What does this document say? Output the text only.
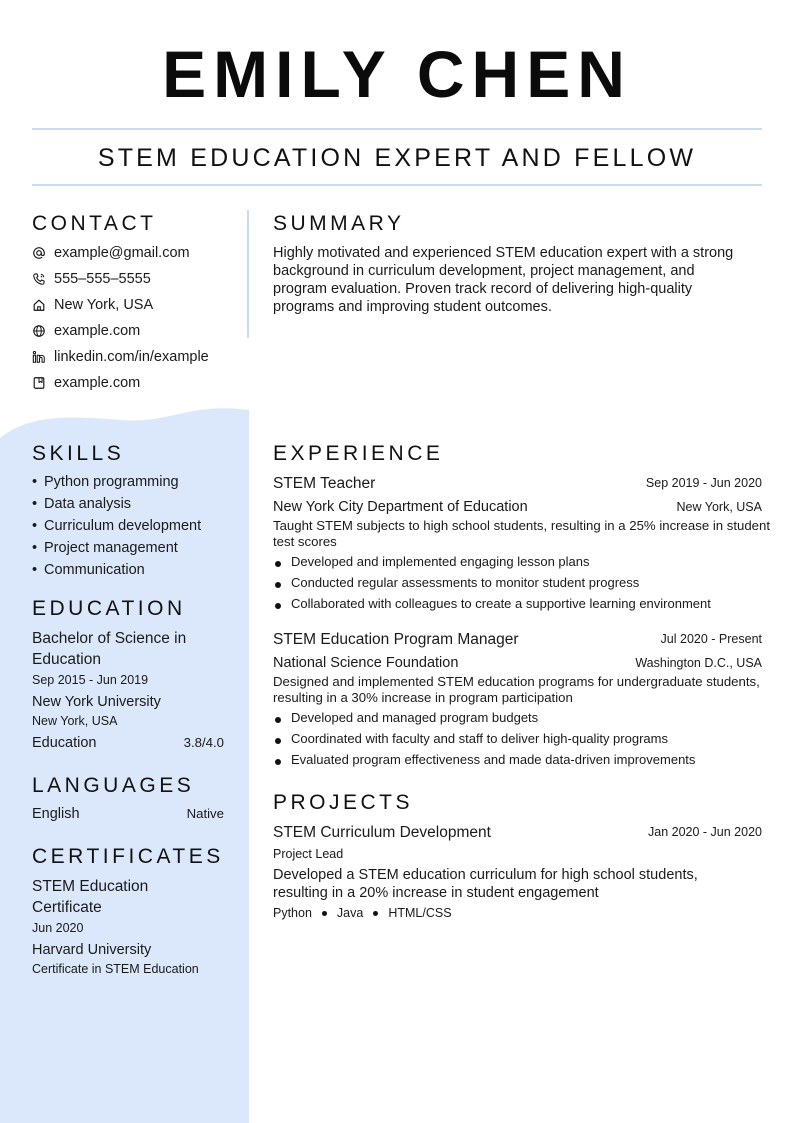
EMILY CHEN
STEM EDUCATION EXPERT AND FELLOW
CONTACT
example@gmail.com
555–555–5555
New York, USA
example.com
linkedin.com/in/example
example.com
SKILLS
• Python programming
• Data analysis
• Curriculum development
• Project management
• Communication
EDUCATION
Bachelor of Science in
Education
Sep 2015 - Jun 2019
New York University
New York, USA
Education	3.8/4.0
LANGUAGES
English	Native
CERTIFICATES
STEM Education
Certificate
Jun 2020
Harvard University
Certificate in STEM Education
SUMMARY
Highly motivated and experienced STEM education expert with a strong
background in curriculum development, project management, and
program evaluation. Proven track record of delivering high-quality
programs and improving student outcomes.
EXPERIENCE
STEM Teacher	Sep 2019 - Jun 2020
New York City Department of Education	New York, USA
Taught STEM subjects to high school students, resulting in a 25% increase in student
test scores
Developed and implemented engaging lesson plans
Conducted regular assessments to monitor student progress
Collaborated with colleagues to create a supportive learning environment
STEM Education Program Manager	Jul 2020 - Present
National Science Foundation	Washington D.C., USA
Designed and implemented STEM education programs for undergraduate students,
resulting in a 30% increase in program participation
Developed and managed program budgets
Coordinated with faculty and staff to deliver high-quality programs
Evaluated program effectiveness and made data-driven improvements
PROJECTS
STEM Curriculum Development	Jan 2020 - Jun 2020
Project Lead
Developed a STEM education curriculum for high school students,
resulting in a 20% increase in student engagement
Python Java HTML/CSS
